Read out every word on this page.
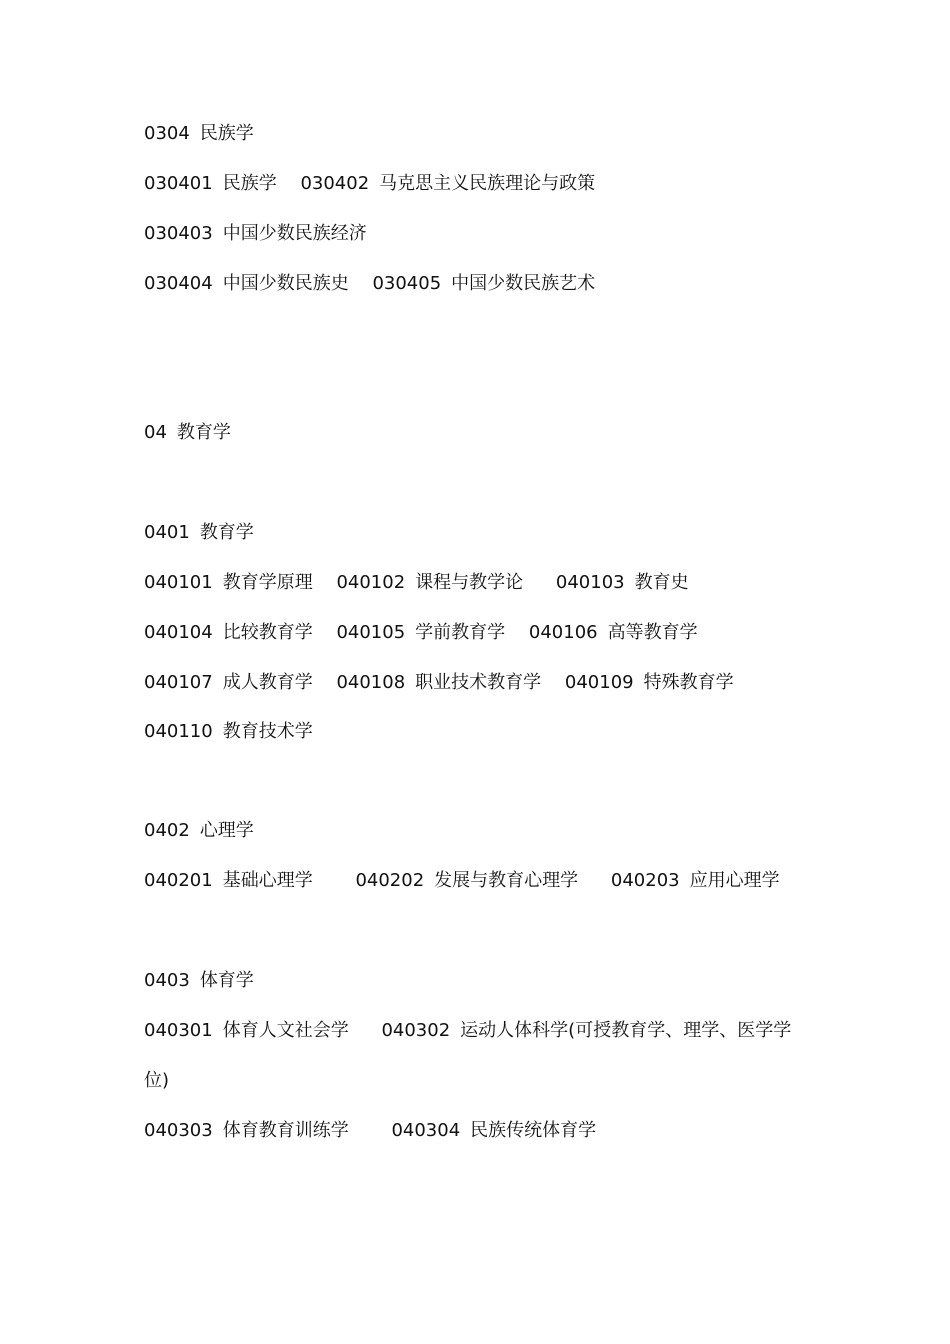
0304 民族学
030401 民族学 030402 马克思主义民族理论与政策
030403 中国少数民族经济
030404 中国少数民族史 030405 中国少数民族艺术
04 教育学
0401 教育学
040101 教育学原理 040102 课程与教学论 040103 教育史
040104 比较教育学 040105 学前教育学 040106 高等教育学
040107 成人教育学 040108 职业技术教育学 040109 特殊教育学
040110 教育技术学
0402 心理学
040201 基础心理学 040202 发展与教育心理学 040203 应用心理学
0403 体育学
040301 体育人文社会学 040302 运动人体科学(可授教育学、理学、医学学
位)
040303 体育教育训练学 040304 民族传统体育学
